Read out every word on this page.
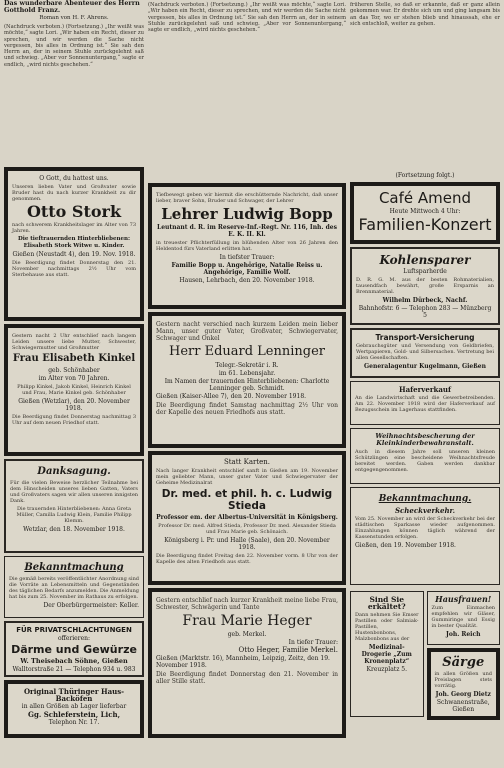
Das wunderbare Abenteuer des Herrn Gotthold Franz.
Roman von H. F. Ahrens.
(Nachdruck verboten.) (Fortsetzung.) „Ihr weißt was möchte,“ sagte Lori. „Wir haben ein Recht, dieser zu sprechen, und wir werden die Sache nicht vergessen, bis alles in Ordnung ist.“ Sie sah den Herrn an, der in seinem Stuhle zurückgelehnt saß und schwieg. „Aber vor Sonnenuntergang,“ sagte er endlich, „wird nichts geschehen.“
O Gott, du hattest uns.
Unseren lieben Vater und Großvater sowie Bruder hast du nach kurzer Krankheit zu dir genommen.
Otto Stork
nach schwerem Krankheitslager im Alter von 73 Jahren.
Die tieftrauernden Hinterbliebenen: Elisabeth Stork Witwe u. Kinder.
Gießen (Neustadt 4), den 19. Nov. 1918.
Die Beerdigung findet Donnerstag den 21. November nachmittags 2½ Uhr vom Sterbehause aus statt.
Gestern nacht 2 Uhr entschlief nach langem Leiden unsere liebe Mutter, Schwester, Schwiegermutter und Großmutter
Frau Elisabeth Kinkel
geb. Schönhaber
im Alter von 70 Jahren.
Philipp Kinkel, Jakob Kinkel, Heinrich Kinkel und Frau, Marie Kinkel geb. Schönhaber
Gießen (Wetzlar), den 20. November 1918.
Die Beerdigung findet Donnerstag nachmittag 3 Uhr auf dem neuen Friedhof statt.
Danksagung.
Für die vielen Beweise herzlicher Teilnahme bei dem Hinscheiden unseres lieben Gatten, Vaters und Großvaters sagen wir allen unseren innigsten Dank.
Die trauernden Hinterbliebenen: Anna Greta Müller, Camilla Ludwig Klein, Familie Philipp Klemm.
Wetzlar, den 18. November 1918.
Bekanntmachung
Die gemäß bereits veröffentlichter Anordnung sind die Vorräte an Lebensmitteln und Gegenständen des täglichen Bedarfs anzumelden. Die Anmeldung hat bis zum 25. November im Rathaus zu erfolgen.
Der Oberbürgermeister: Keller.
FÜR PRIVATSCHLACHTUNGEN
offerieren:
Därme und Gewürze
W. Theisebach Söhne, Gießen
Walltorstraße 21 — Telephon 934 u. 983
Original Thüringer Haus-Backöfen
in allen Größen ab Lager lieferbar
Gg. Schleferstein, Lich,
Telephon Nr. 17.
(Nachdruck verboten.) (Fortsetzung.) „Ihr weißt was möchte,“ sagte Lori. „Wir haben ein Recht, dieser zu sprechen, und wir werden die Sache nicht vergessen, bis alles in Ordnung ist.“ Sie sah den Herrn an, der in seinem Stuhle zurückgelehnt saß und schwieg. „Aber vor Sonnenuntergang,“ sagte er endlich, „wird nichts geschehen.“
Tiefbewegt geben wir hiermit die erschütternde Nachricht, daß unser lieber, braver Sohn, Bruder und Schwager, der Lehrer
Lehrer Ludwig Bopp
Leutnant d. R. im Reserve-Inf.-Regt. Nr. 116, Inh. des E. K. II. Kl.
in treuester Pflichterfüllung im blühenden Alter von 26 Jahren den Heldentod fürs Vaterland erlitten hat.
In tiefster Trauer:
Familie Bopp u. Angehörige, Natalie Reiss u. Angehörige, Familie Wolf.
Hausen, Lehrbach, den 20. November 1918.
Gestern nacht verschied nach kurzem Leiden mein lieber Mann, unser guter Vater, Großvater, Schwiegervater, Schwager und Onkel
Herr Eduard Lenninger
Telegr.-Sekretär i. R.
im 61. Lebensjahr.
Im Namen der trauernden Hinterbliebenen: Charlotte Lenninger geb. Schmidt.
Gießen (Kaiser-Allee 7), den 20. November 1918.
Die Beerdigung findet Samstag nachmittag 2½ Uhr von der Kapelle des neuen Friedhofs aus statt.
Statt Karten.
Nach langer Krankheit entschlief sanft in Gießen am 19. November mein geliebter Mann, unser guter Vater und Schwiegervater der Geheime Medizinalrat
Dr. med. et phil. h. c. Ludwig Stieda
Professor em. der Albertus-Universität in Königsberg.
Professor Dr. med. Alfred Stieda, Professor Dr. med. Alexander Stieda und Frau Marie geb. Schönaich.
Königsberg i. Pr. und Halle (Saale), den 20. November 1918.
Die Beerdigung findet Freitag den 22. November vorm. 8 Uhr von der Kapelle des alten Friedhofs aus statt.
Gestern entschlief nach kurzer Krankheit meine liebe Frau, Schwester, Schwägerin und Tante
Frau Marie Heger
geb. Merkel.
In tiefer Trauer:
Otto Heger, Familie Merkel.
Gießen (Marktstr. 16), Mannheim, Leipzig, Zeitz, den 19. November 1918.
Die Beerdigung findet Donnerstag den 21. November in aller Stille statt.
früheren Stelle, so daß er erkannte, daß er ganz allein gekommen war. Er drehte sich um und ging langsam bis an das Tor, wo er stehen blieb und hinaussah, ehe er sich entschloß, weiter zu gehen.
(Fortsetzung folgt.)
Café Amend
Heute Mittwoch 4 Uhr:
Familien-Konzert
Kohlensparer
Luftsparherde
D. R. G. M. aus der besten Rohmaterialien, tausendfach bewährt, große Ersparnis an Brennmaterial.
Wilhelm Dürbeck, Nachf.
Bahnhofstr. 6 — Telephon 283 — Münzberg 5
Transport-Versicherung
Gebrauchsgüter und Versendung von Geldbriefen, Wertpapieren, Gold- und Silbersachen. Vertretung bei allen Gesellschaften.
Generalagentur Kugelmann, Gießen
Haferverkauf
An die Landwirtschaft und die Gewerbetreibenden. Am 22. November 1918 wird der Haferverkauf auf Bezugsschein im Lagerhaus stattfinden.
Weihnachtsbescherung der Kleinkinderbewahranstalt.
Auch in diesem Jahre soll unseren kleinen Schützlingen eine bescheidene Weihnachtsfreude bereitet werden. Gaben werden dankbar entgegengenommen.
Bekanntmachung.
Scheckverkehr.
Vom 25. November an wird der Scheckverkehr bei der städtischen Sparkasse wieder aufgenommen. Einzahlungen können täglich während der Kassenstunden erfolgen.
Gießen, den 19. November 1918.
Sind Sie erkältet?
Dann nehmen Sie Emser Pastillen oder Salmiak-Pastillen, Hustenbonbons, Malzbonbons aus der
Medizinal-Drogerie „Zum Kronenplatz“
Kreuzplatz 5.
Hausfrauen!
Zum Einmachen empfehlen wir Gläser, Gummiringe und Essig in bester Qualität.
Joh. Reich
Särge
in allen Größen und Preislagen stets vorrätig.
Joh. Georg Dietz
Schwanenstraße, Gießen
